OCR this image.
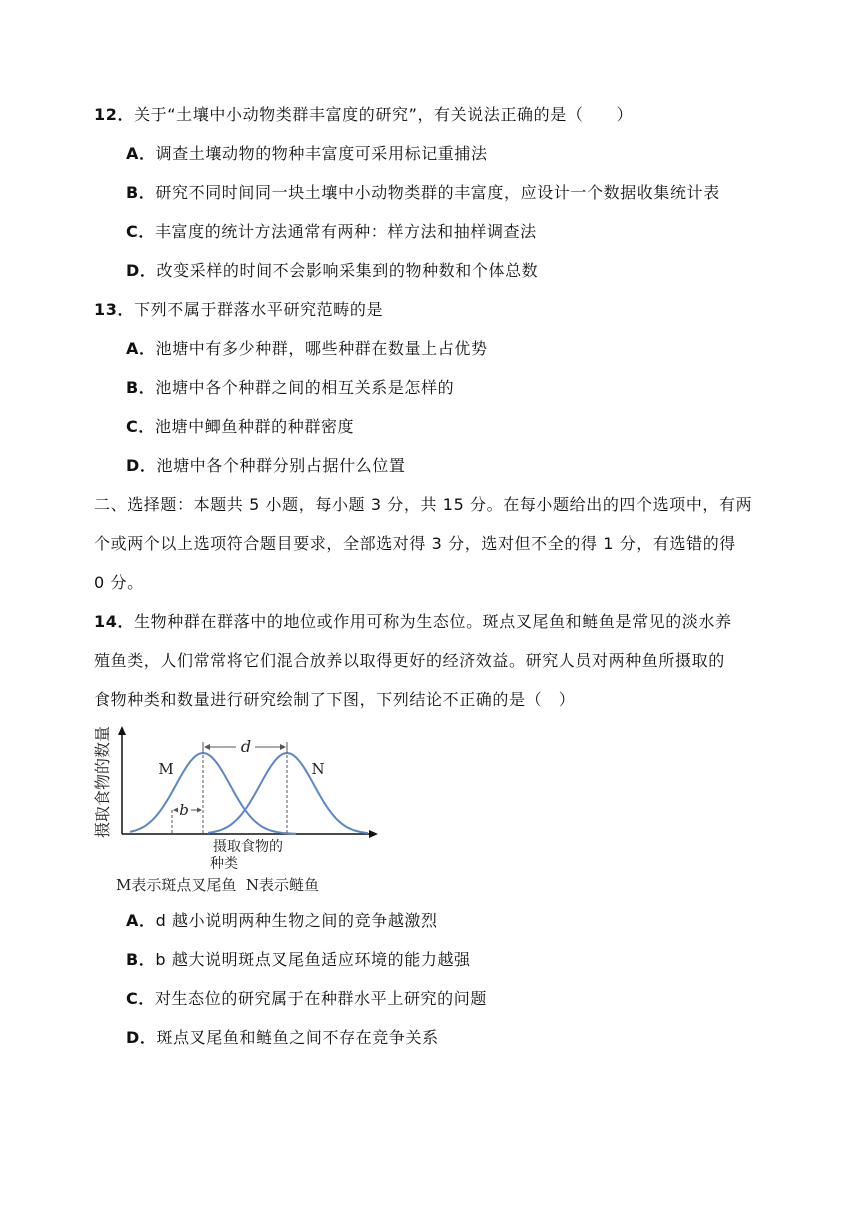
12．关于“土壤中小动物类群丰富度的研究”，有关说法正确的是（　　）
A．调查土壤动物的物种丰富度可采用标记重捕法
B．研究不同时间同一块土壤中小动物类群的丰富度，应设计一个数据收集统计表
C．丰富度的统计方法通常有两种：样方法和抽样调查法
D．改变采样的时间不会影响采集到的物种数和个体总数
13．下列不属于群落水平研究范畴的是
A．池塘中有多少种群，哪些种群在数量上占优势
B．池塘中各个种群之间的相互关系是怎样的
C．池塘中鲫鱼种群的种群密度
D．池塘中各个种群分别占据什么位置
二、选择题：本题共 5 小题，每小题 3 分，共 15 分。在每小题给出的四个选项中，有两
个或两个以上选项符合题目要求，全部选对得 3 分，选对但不全的得 1 分，有选错的得
0 分。
14．生物种群在群落中的地位或作用可称为生态位。斑点叉尾鱼和鲢鱼是常见的淡水养
殖鱼类，人们常常将它们混合放养以取得更好的经济效益。研究人员对两种鱼所摄取的
食物种类和数量进行研究绘制了下图，下列结论不正确的是（　）
摄取食物的数量	d
b
M	N
摄取食物的
种类
M表示斑点叉尾鱼  N表示鲢鱼
A．d 越小说明两种生物之间的竞争越激烈
B．b 越大说明斑点叉尾鱼适应环境的能力越强
C．对生态位的研究属于在种群水平上研究的问题
D．斑点叉尾鱼和鲢鱼之间不存在竞争关系
